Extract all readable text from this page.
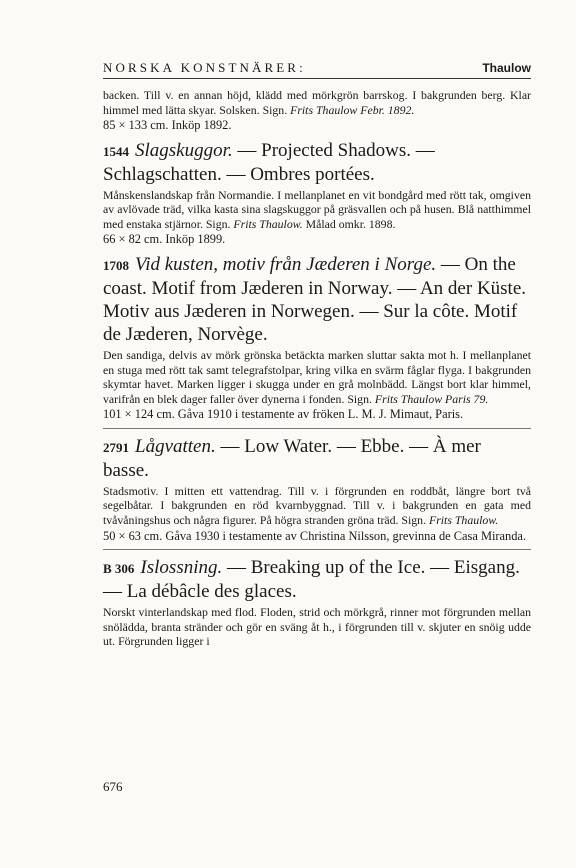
NORSKA KONSTNÄRER:	Thaulow

backen. Till v. en annan höjd, klädd med mörkgrön barrskog. I bakgrunden berg. Klar himmel med lätta skyar. Solsken. Sign. Frits Thaulow Febr. 1892.

85 × 133 cm. Inköp 1892.

1544 Slagskuggor. — Projected Shadows. — Schlagschatten. — Ombres portées.

Månskenslandskap från Normandie. I mellanplanet en vit bondgård med rött tak, omgiven av avlövade träd, vilka kasta sina slagskuggor på gräsvallen och på husen. Blå natthimmel med enstaka stjärnor. Sign. Frits Thaulow. Målad omkr. 1898.

66 × 82 cm. Inköp 1899.

1708 Vid kusten, motiv från Jæderen i Norge. — On the coast. Motif from Jæderen in Norway. — An der Küste. Motiv aus Jæderen in Norwegen. — Sur la côte. Motif de Jæderen, Norvège.

Den sandiga, delvis av mörk grönska betäckta marken sluttar sakta mot h. I mellanplanet en stuga med rött tak samt telegrafstolpar, kring vilka en svärm fåglar flyga. I bakgrunden skymtar havet. Marken ligger i skugga under en grå molnbädd. Längst bort klar himmel, varifrån en blek dager faller över dynerna i fonden. Sign. Frits Thaulow Paris 79.

101 × 124 cm. Gåva 1910 i testamente av fröken L. M. J. Mimaut, Paris.

2791 Lågvatten. — Low Water. — Ebbe. — À mer basse.

Stadsmotiv. I mitten ett vattendrag. Till v. i förgrunden en roddbåt, längre bort två segelbåtar. I bakgrunden en röd kvarnbyggnad. Till v. i bakgrunden en gata med tvåvåningshus och några figurer. På högra stranden gröna träd. Sign. Frits Thaulow.

50 × 63 cm. Gåva 1930 i testamente av Christina Nilsson, grevinna de Casa Miranda.

B 306 Islossning. — Breaking up of the Ice. — Eisgang. — La débâcle des glaces.

Norskt vinterlandskap med flod. Floden, strid och mörkgrå, rinner mot förgrunden mellan snölädda, branta stränder och gör en sväng åt h., i förgrunden till v. skjuter en snöig udde ut. Förgrunden ligger i

676
